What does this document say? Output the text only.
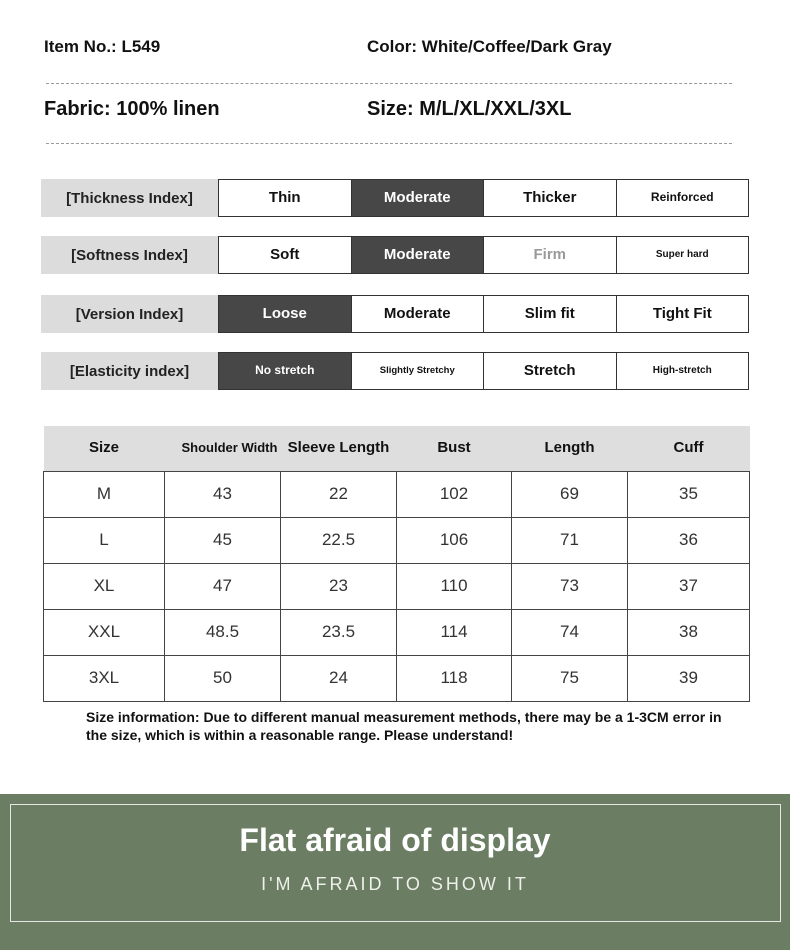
Item No.: L549	Color: White/Coffee/Dark Gray
Fabric: 100% linen	Size: M/L/XL/XXL/3XL
[Thickness Index]	Thin	Moderate	Thicker	Reinforced
[Softness Index]	Soft	Moderate	Firm	Super hard
[Version Index]	Loose	Moderate	Slim fit	Tight Fit
[Elasticity index]	No stretch	Slightly Stretchy	Stretch	High-stretch
Size	Shoulder Width	Sleeve Length	Bust	Length	Cuff
M	43	22	102	69	35
L	45	22.5	106	71	36
XL	47	23	110	73	37
XXL	48.5	23.5	114	74	38
3XL	50	24	118	75	39
Size information: Due to different manual measurement methods, there may be a 1-3CM error in the size, which is within a reasonable range. Please understand!
Flat afraid of display
I'M AFRAID TO SHOW IT
